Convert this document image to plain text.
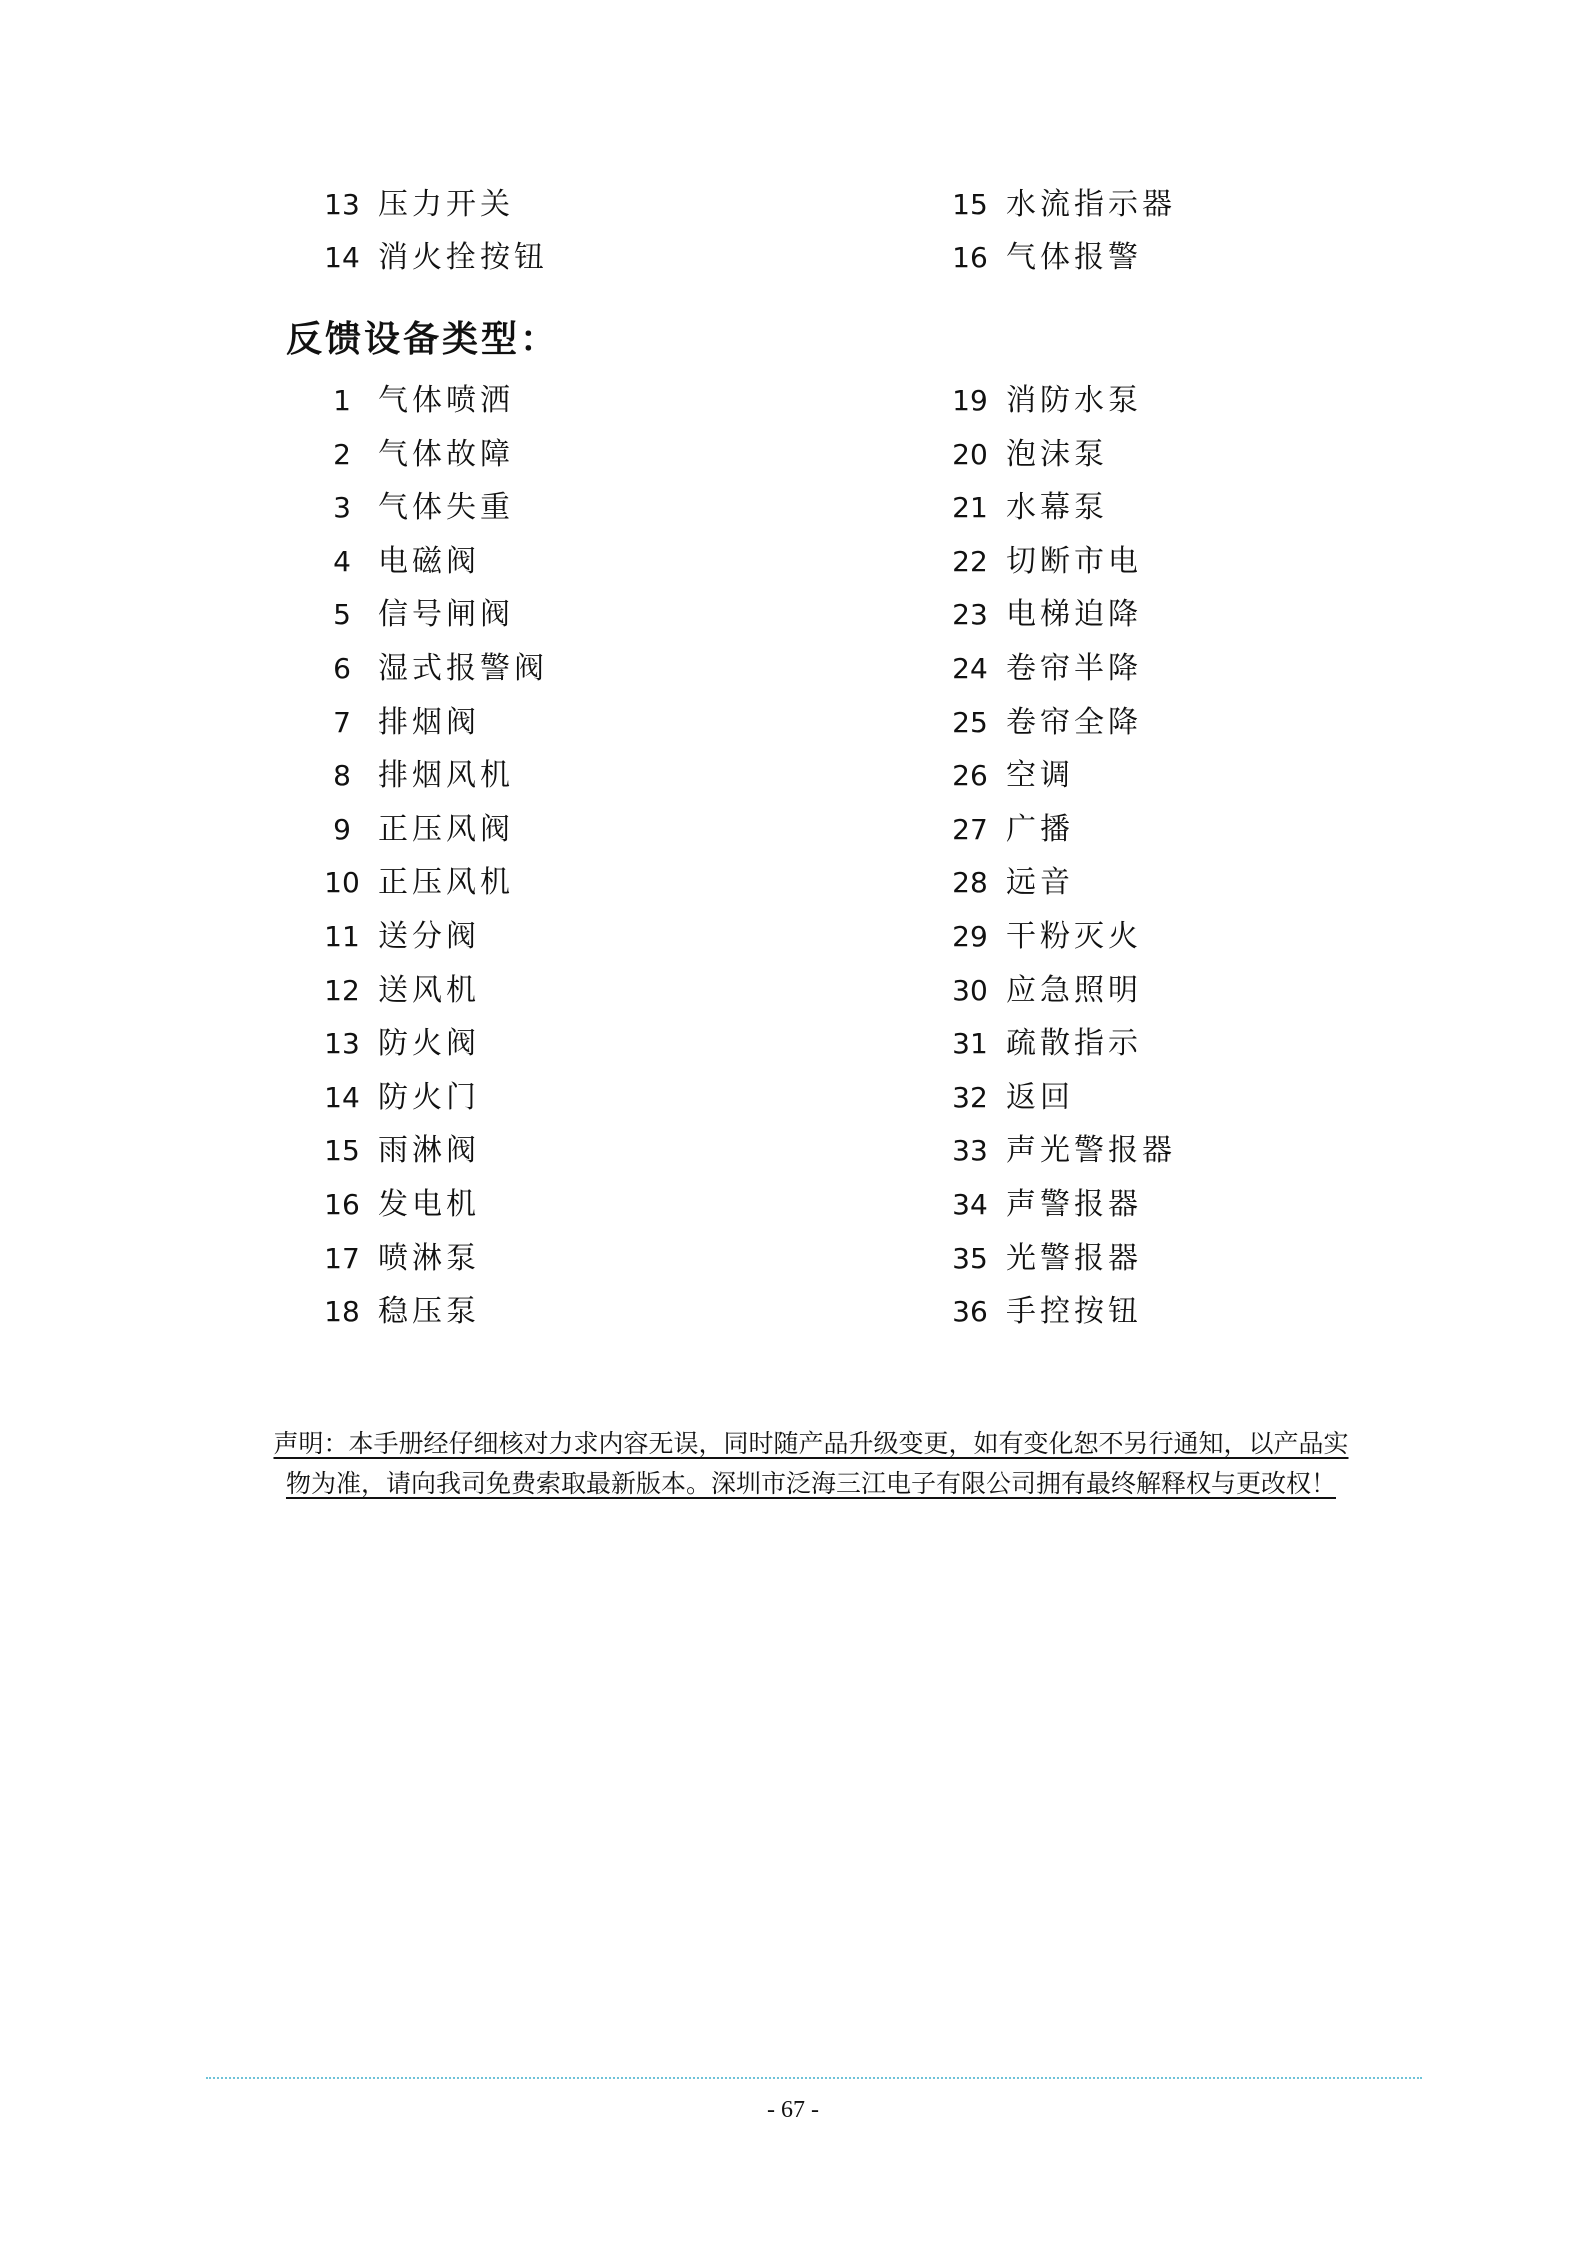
13 压力开关
14 消火拴按钮
15 水流指示器
16 气体报警
反馈设备类型：
1 气体喷洒
2 气体故障
3 气体失重
4 电磁阀
5 信号闸阀
6 湿式报警阀
7 排烟阀
8 排烟风机
9 正压风阀
10 正压风机
11 送分阀
12 送风机
13 防火阀
14 防火门
15 雨淋阀
16 发电机
17 喷淋泵
18 稳压泵
19 消防水泵
20 泡沫泵
21 水幕泵
22 切断市电
23 电梯迫降
24 卷帘半降
25 卷帘全降
26 空调
27 广播
28 远音
29 干粉灭火
30 应急照明
31 疏散指示
32 返回
33 声光警报器
34 声警报器
35 光警报器
36 手控按钮
声明：本手册经仔细核对力求内容无误，同时随产品升级变更，如有变化恕不另行通知，以产品实
物为准，请向我司免费索取最新版本。深圳市泛海三江电子有限公司拥有最终解释权与更改权！
- 67 -
